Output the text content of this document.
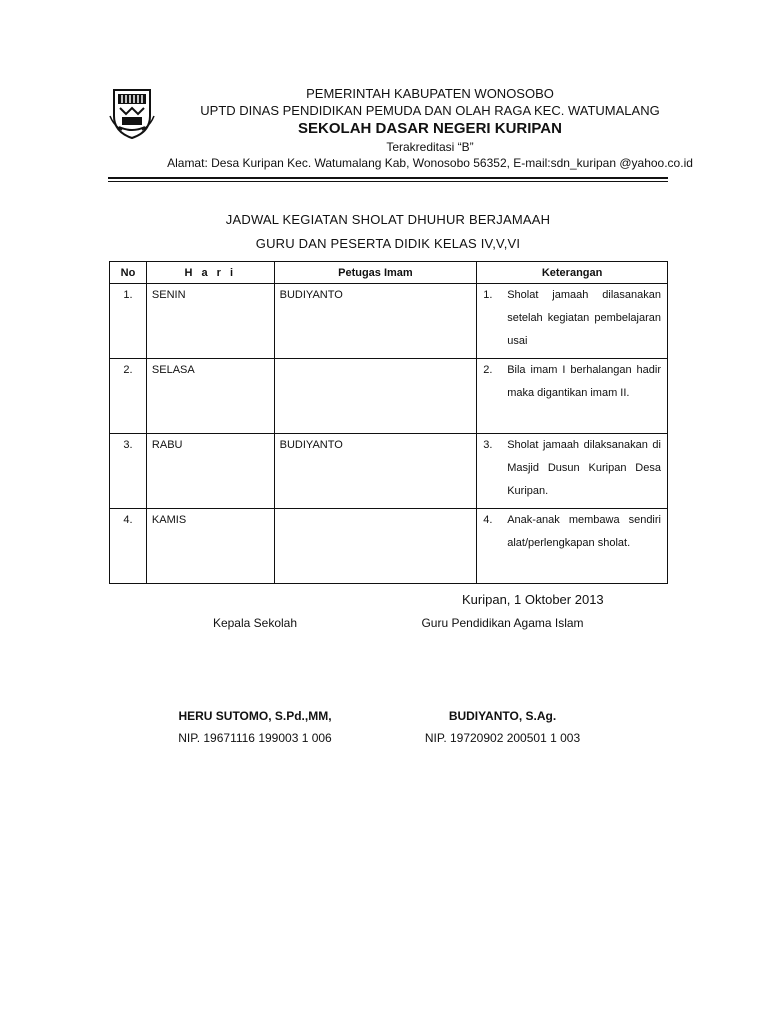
PEMERINTAH KABUPATEN WONOSOBO
UPTD DINAS PENDIDIKAN PEMUDA DAN OLAH RAGA KEC. WATUMALANG
SEKOLAH DASAR NEGERI KURIPAN
Terakreditasi “B”
Alamat: Desa Kuripan Kec. Watumalang Kab, Wonosobo 56352, E-mail:sdn_kuripan @yahoo.co.id
JADWAL KEGIATAN SHOLAT DHUHUR BERJAMAAH
GURU DAN PESERTA DIDIK KELAS IV,V,VI
No	H a r i	Petugas Imam	Keterangan
1.	SENIN	BUDIYANTO	1. Sholat jamaah dilasanakan setelah kegiatan pembelajaran usai

2.	SELASA		2. Bila imam I berhalangan hadir maka digantikan imam II.

3.	RABU	BUDIYANTO	3. Sholat jamaah dilaksanakan di Masjid Dusun Kuripan Desa Kuripan.

4.	KAMIS		4. Anak-anak membawa sendiri alat/perlengkapan sholat.
Kuripan, 1 Oktober 2013
Kepala Sekolah	Guru Pendidikan Agama Islam
HERU SUTOMO, S.Pd.,MM,	BUDIYANTO, S.Ag.
NIP. 19671116 199003 1 006	NIP. 19720902 200501 1 003
